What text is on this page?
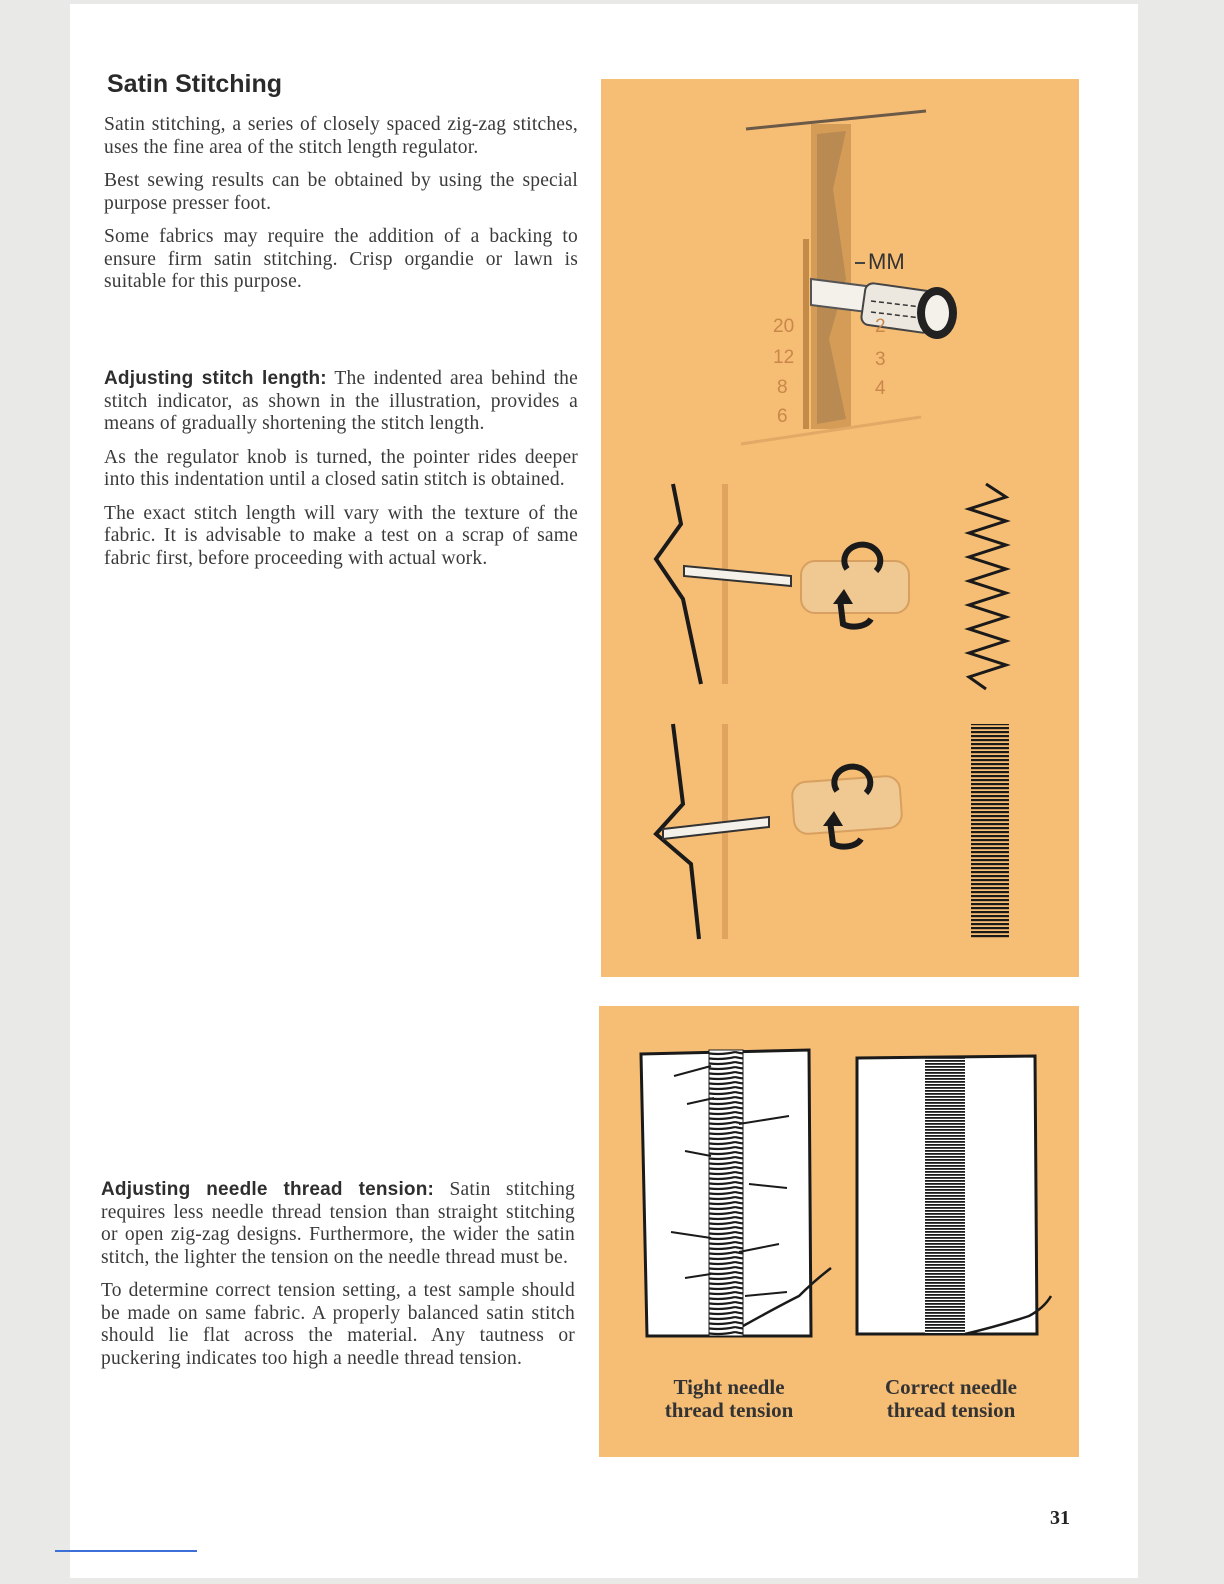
Satin Stitching

Satin stitching, a series of closely spaced zig-zag stitches, uses the fine area of the stitch length regulator.

Best sewing results can be obtained by using the special purpose presser foot.

Some fabrics may require the addition of a backing to ensure firm satin stitching. Crisp organdie or lawn is suitable for this purpose.

Adjusting stitch length: The indented area behind the stitch indicator, as shown in the illustration, provides a means of gradually shortening the stitch length.

As the regulator knob is turned, the pointer rides deeper into this indentation until a closed satin stitch is obtained.

The exact stitch length will vary with the texture of the fabric. It is advisable to make a test on a scrap of same fabric first, before proceeding with actual work.

Adjusting needle thread tension: Satin stitching requires less needle thread tension than straight stitching or open zig-zag designs. Furthermore, the wider the satin stitch, the lighter the tension on the needle thread must be.

To determine correct tension setting, a test sample should be made on same fabric. A properly balanced satin stitch should lie flat across the material. Any tautness or puckering indicates too high a needle thread tension.

MM
20
12
8
6
2
3
4
Tight needle
thread tension
Correct needle
thread tension
31
